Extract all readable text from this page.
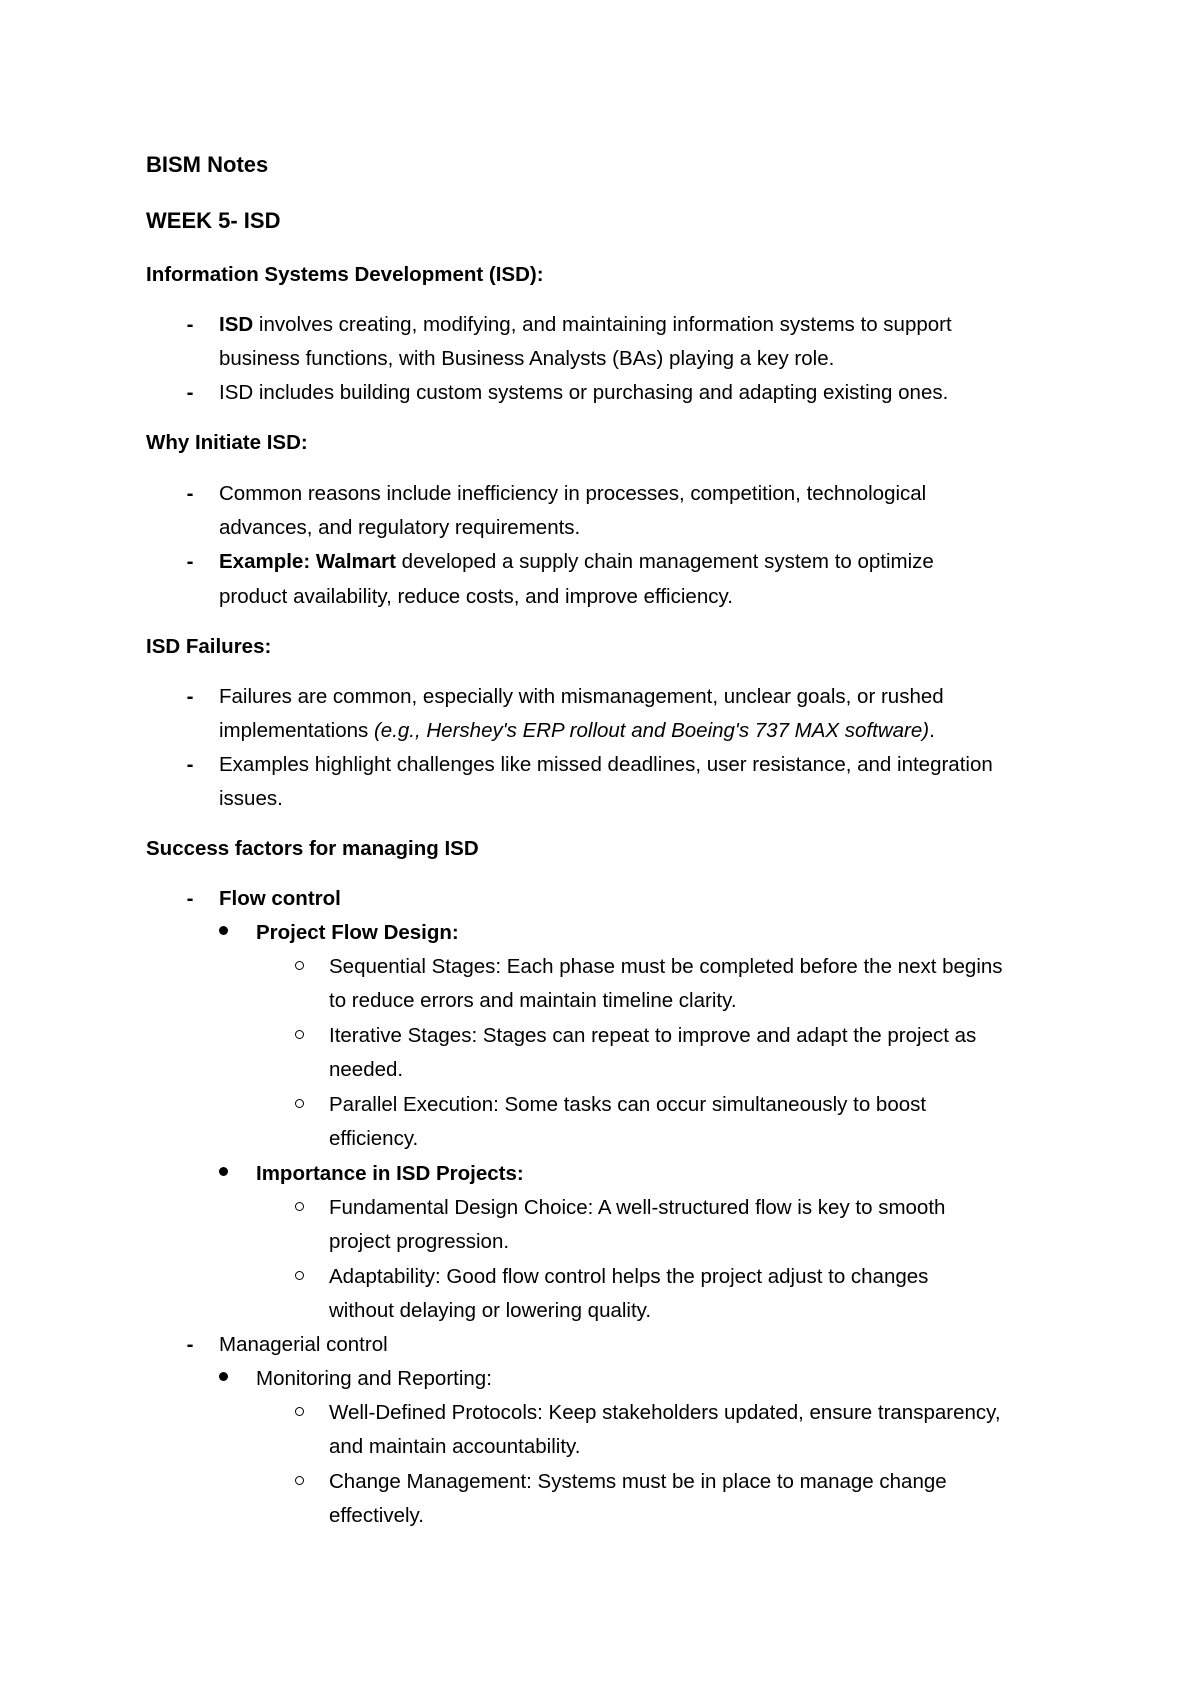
BISM Notes
WEEK 5- ISD
Information Systems Development (ISD):
- ISD involves creating, modifying, and maintaining information systems to support
business functions, with Business Analysts (BAs) playing a key role.
- ISD includes building custom systems or purchasing and adapting existing ones.
Why Initiate ISD:
- Common reasons include inefficiency in processes, competition, technological
advances, and regulatory requirements.
- Example: Walmart developed a supply chain management system to optimize
product availability, reduce costs, and improve efficiency.
ISD Failures:
- Failures are common, especially with mismanagement, unclear goals, or rushed
implementations (e.g., Hershey's ERP rollout and Boeing's 737 MAX software).
- Examples highlight challenges like missed deadlines, user resistance, and integration
issues.
Success factors for managing ISD
- Flow control
Project Flow Design:
Sequential Stages: Each phase must be completed before the next begins
to reduce errors and maintain timeline clarity.
Iterative Stages: Stages can repeat to improve and adapt the project as
needed.
Parallel Execution: Some tasks can occur simultaneously to boost
efficiency.
Importance in ISD Projects:
Fundamental Design Choice: A well-structured flow is key to smooth
project progression.
Adaptability: Good flow control helps the project adjust to changes
without delaying or lowering quality.
- Managerial control
Monitoring and Reporting:
Well-Defined Protocols: Keep stakeholders updated, ensure transparency,
and maintain accountability.
Change Management: Systems must be in place to manage change
effectively.
